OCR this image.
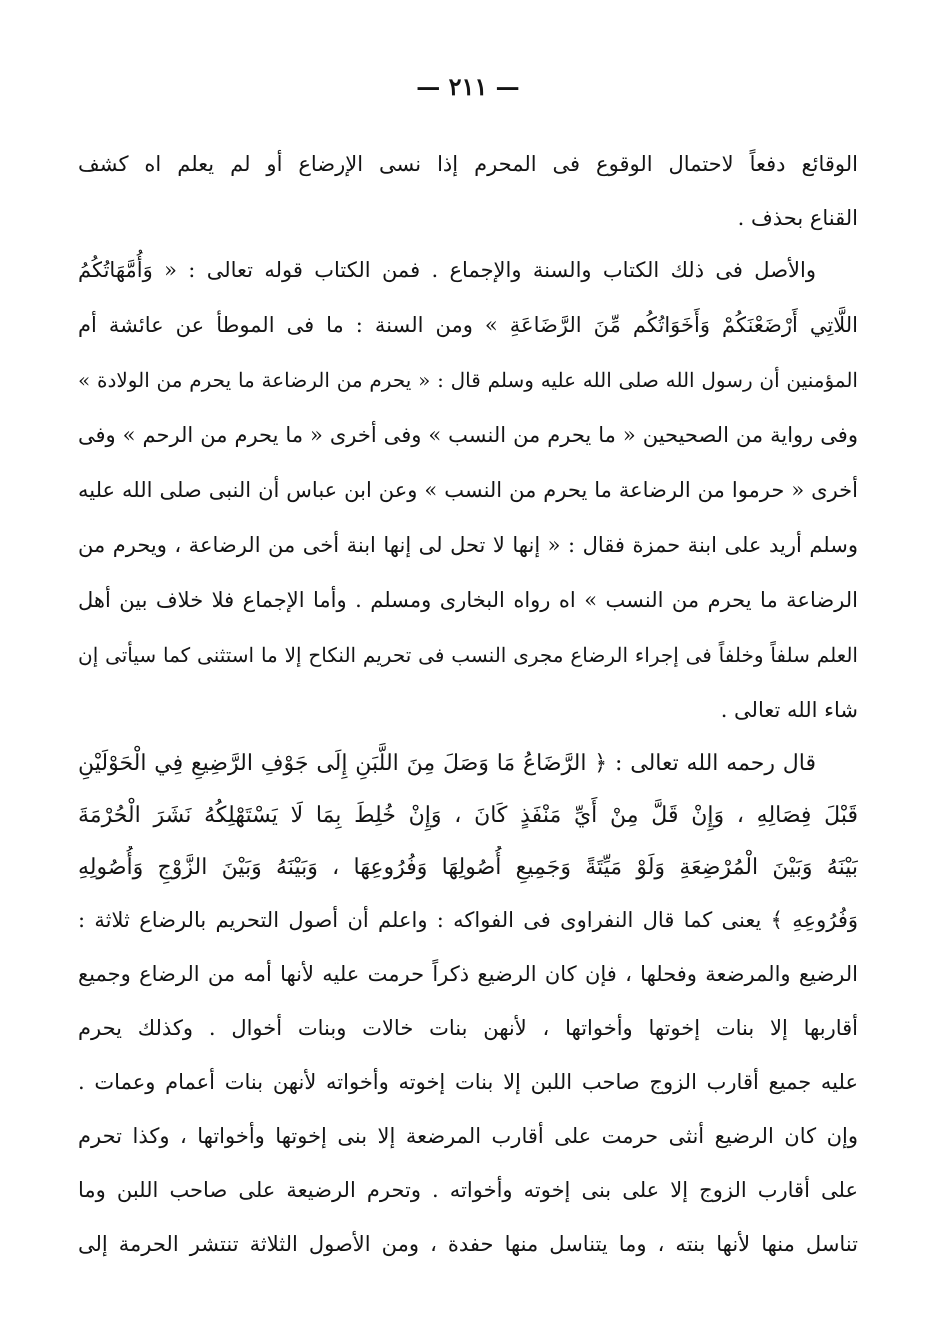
— ٢١١ —
الوقائع دفعاً لاحتمال الوقوع فى المحرم إذا نسى الإرضاع أو لم يعلم اه كشف
القناع بحذف .
والأصل فى ذلك الكتاب والسنة والإجماع . فمن الكتاب قوله تعالى : « وَأُمَّهَاتُكُمُ
اللَّاتِي أَرْضَعْنَكُمْ وَأَخَوَاتُكُم مِّنَ الرَّضَاعَةِ » ومن السنة : ما فى الموطأ عن عائشة أم
المؤمنين أن رسول الله صلى الله عليه وسلم قال : « يحرم من الرضاعة ما يحرم من الولادة »
وفى رواية من الصحيحين « ما يحرم من النسب » وفى أخرى « ما يحرم من الرحم » وفى
أخرى « حرموا من الرضاعة ما يحرم من النسب » وعن ابن عباس أن النبى صلى الله عليه
وسلم أريد على ابنة حمزة فقال : « إنها لا تحل لى إنها ابنة أخى من الرضاعة ، ويحرم من
الرضاعة ما يحرم من النسب » اه رواه البخارى ومسلم . وأما الإجماع فلا خلاف بين أهل
العلم سلفاً وخلفاً فى إجراء الرضاع مجرى النسب فى تحريم النكاح إلا ما استثنى كما سيأتى إن
شاء الله تعالى .
قال رحمه الله تعالى : ﴿ الرَّضَاعُ مَا وَصَلَ مِنَ اللَّبَنِ إِلَى جَوْفِ الرَّضِيعِ فِي الْحَوْلَيْنِ
قَبْلَ فِصَالِهِ ، وَإِنْ قَلَّ مِنْ أَيِّ مَنْفَذٍ كَانَ ، وَإِنْ خُلِطَ بِمَا لَا يَسْتَهْلِكُهُ نَشَرَ الْحُرْمَةَ
بَيْنَهُ وَبَيْنَ الْمُرْضِعَةِ وَلَوْ مَيِّتَةً وَجَمِيعِ أُصُولِهَا وَفُرُوعِهَا ، وَبَيْنَهُ وَبَيْنَ الزَّوْجِ وَأُصُولِهِ
وَفُرُوعِهِ ﴾ يعنى كما قال النفراوى فى الفواكه : واعلم أن أصول التحريم بالرضاع ثلاثة :
الرضيع والمرضعة وفحلها ، فإن كان الرضيع ذكراً حرمت عليه لأنها أمه من الرضاع وجميع
أقاربها إلا بنات إخوتها وأخواتها ، لأنهن بنات خالات وبنات أخوال . وكذلك يحرم
عليه جميع أقارب الزوج صاحب اللبن إلا بنات إخوته وأخواته لأنهن بنات أعمام وعمات .
وإن كان الرضيع أنثى حرمت على أقارب المرضعة إلا بنى إخوتها وأخواتها ، وكذا تحرم
على أقارب الزوج إلا على بنى إخوته وأخواته . وتحرم الرضيعة على صاحب اللبن وما
تناسل منها لأنها بنته ، وما يتناسل منها حفدة ، ومن الأصول الثلاثة تنتشر الحرمة إلى
